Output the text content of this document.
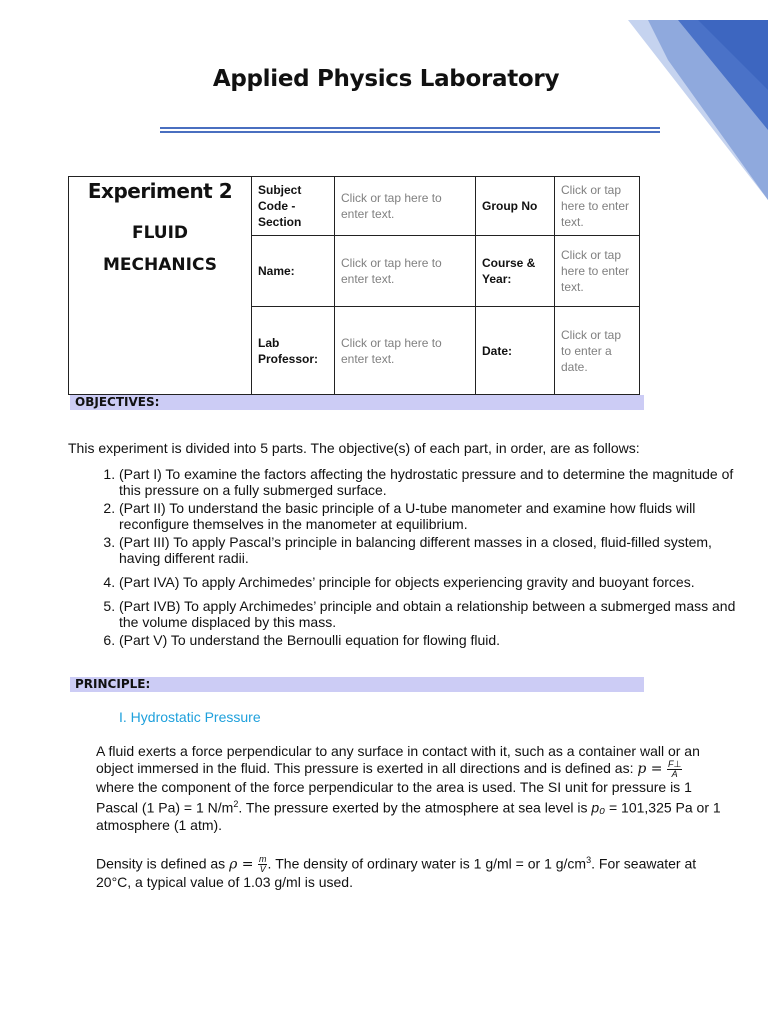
1
Applied Physics Laboratory
Experiment 2
FLUID
MECHANICS	Subject Code - Section	Click or tap here to enter text.	Group No	Click or tap here to enter text.
	Name:	Click or tap here to enter text.	Course & Year:	Click or tap here to enter text.
	Lab Professor:	Click or tap here to enter text.	Date:	Click or tap to enter a date.
OBJECTIVES:
This experiment is divided into 5 parts. The objective(s) of each part, in order, are as follows:
1. (Part I) To examine the factors affecting the hydrostatic pressure and to determine the magnitude of this pressure on a fully submerged surface.
2. (Part II) To understand the basic principle of a U-tube manometer and examine how fluids will reconfigure themselves in the manometer at equilibrium.
3. (Part III) To apply Pascal’s principle in balancing different masses in a closed, fluid-filled system, having different radii.
4. (Part IVA) To apply Archimedes’ principle for objects experiencing gravity and buoyant forces.
5. (Part IVB) To apply Archimedes’ principle and obtain a relationship between a submerged mass and the volume displaced by this mass.
6. (Part V) To understand the Bernoulli equation for flowing fluid.
PRINCIPLE:
I. Hydrostatic Pressure
A fluid exerts a force perpendicular to any surface in contact with it, such as a container wall or an object immersed in the fluid. This pressure is exerted in all directions and is defined as: $p = \frac{F\perp}{A}$
where the component of the force perpendicular to the area is used. The SI unit for pressure is 1 Pascal (1 Pa) = 1 $N/m^2$. The pressure exerted by the atmosphere at sea level is p₀ = 101,325 Pa or 1 atmosphere (1 atm).
Density is defined as $\rho = \frac{m}{V}$ . The density of ordinary water is 1 g/ml = or 1 $g/cm^3$. For seawater at 20°C, a typical value of 1.03 g/ml is used.
